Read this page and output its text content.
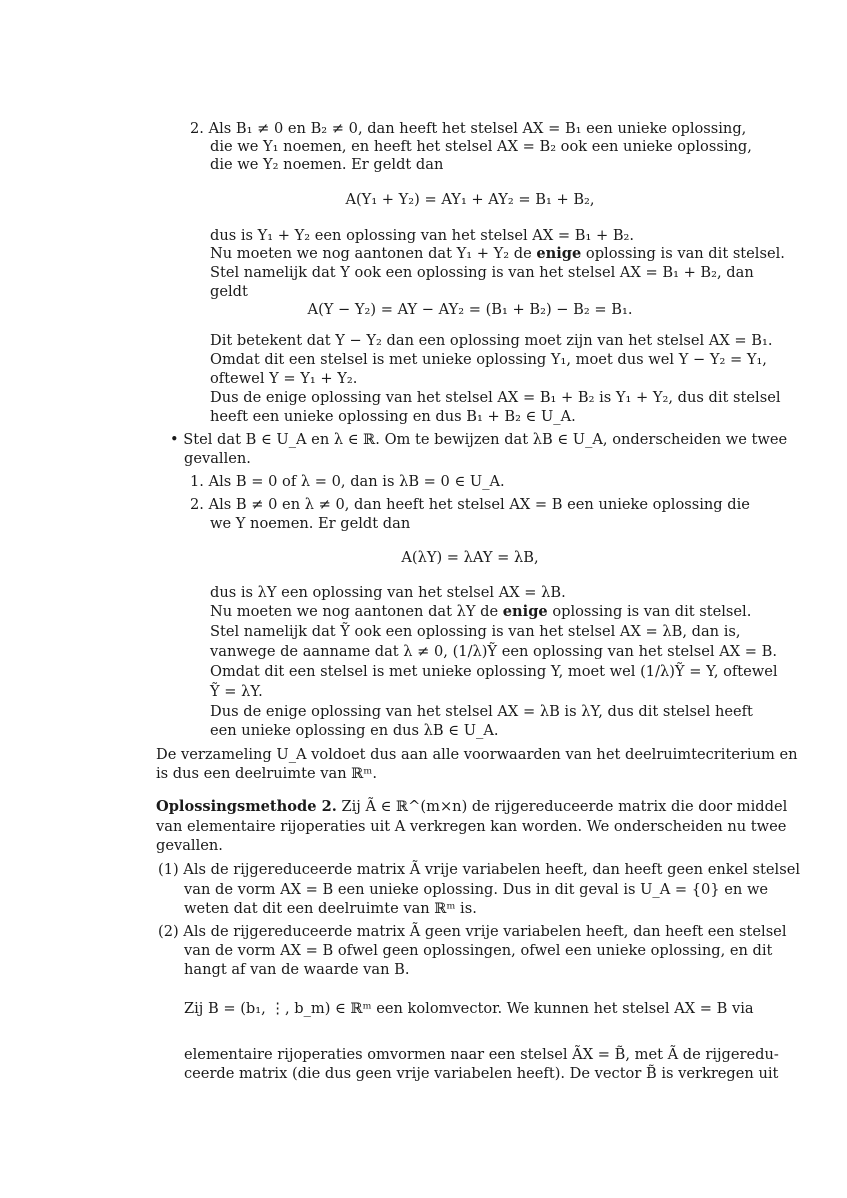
2. Als B₁ ≠ 0 en B₂ ≠ 0, dan heeft het stelsel AX = B₁ een unieke oplossing,
die we Y₁ noemen, en heeft het stelsel AX = B₂ ook een unieke oplossing,
die we Y₂ noemen. Er geldt dan
A(Y₁ + Y₂) = AY₁ + AY₂ = B₁ + B₂,
dus is Y₁ + Y₂ een oplossing van het stelsel AX = B₁ + B₂.
Nu moeten we nog aantonen dat Y₁ + Y₂ de enige oplossing is van dit stelsel.
Stel namelijk dat Y ook een oplossing is van het stelsel AX = B₁ + B₂, dan
geldt
A(Y − Y₂) = AY − AY₂ = (B₁ + B₂) − B₂ = B₁.
Dit betekent dat Y − Y₂ dan een oplossing moet zijn van het stelsel AX = B₁.
Omdat dit een stelsel is met unieke oplossing Y₁, moet dus wel Y − Y₂ = Y₁,
oftewel Y = Y₁ + Y₂.
Dus de enige oplossing van het stelsel AX = B₁ + B₂ is Y₁ + Y₂, dus dit stelsel
heeft een unieke oplossing en dus B₁ + B₂ ∈ U_A.
• Stel dat B ∈ U_A en λ ∈ ℝ. Om te bewijzen dat λB ∈ U_A, onderscheiden we twee
gevallen.
1. Als B = 0 of λ = 0, dan is λB = 0 ∈ U_A.
2. Als B ≠ 0 en λ ≠ 0, dan heeft het stelsel AX = B een unieke oplossing die
we Y noemen. Er geldt dan
A(λY) = λAY = λB,
dus is λY een oplossing van het stelsel AX = λB.
Nu moeten we nog aantonen dat λY de enige oplossing is van dit stelsel.
Stel namelijk dat Ỹ ook een oplossing is van het stelsel AX = λB, dan is,
vanwege de aanname dat λ ≠ 0, (1/λ)Ỹ een oplossing van het stelsel AX = B.
Omdat dit een stelsel is met unieke oplossing Y, moet wel (1/λ)Ỹ = Y, oftewel
Ỹ = λY.
Dus de enige oplossing van het stelsel AX = λB is λY, dus dit stelsel heeft
een unieke oplossing en dus λB ∈ U_A.
De verzameling U_A voldoet dus aan alle voorwaarden van het deelruimtecriterium en
is dus een deelruimte van ℝᵐ.
Oplossingsmethode 2. Zij Ã ∈ ℝ^(m×n) de rijgereduceerde matrix die door middel
van elementaire rijoperaties uit A verkregen kan worden. We onderscheiden nu twee
gevallen.
(1) Als de rijgereduceerde matrix Ã vrije variabelen heeft, dan heeft geen enkel stelsel
van de vorm AX = B een unieke oplossing. Dus in dit geval is U_A = {0} en we
weten dat dit een deelruimte van ℝᵐ is.
(2) Als de rijgereduceerde matrix Ã geen vrije variabelen heeft, dan heeft een stelsel
van de vorm AX = B ofwel geen oplossingen, ofwel een unieke oplossing, en dit
hangt af van de waarde van B.
Zij B = (b₁, ⋮, b_m) ∈ ℝᵐ een kolomvector. We kunnen het stelsel AX = B via
elementaire rijoperaties omvormen naar een stelsel ÃX = B̃, met Ã de rijgeredu-
ceerde matrix (die dus geen vrije variabelen heeft). De vector B̃ is verkregen uit
